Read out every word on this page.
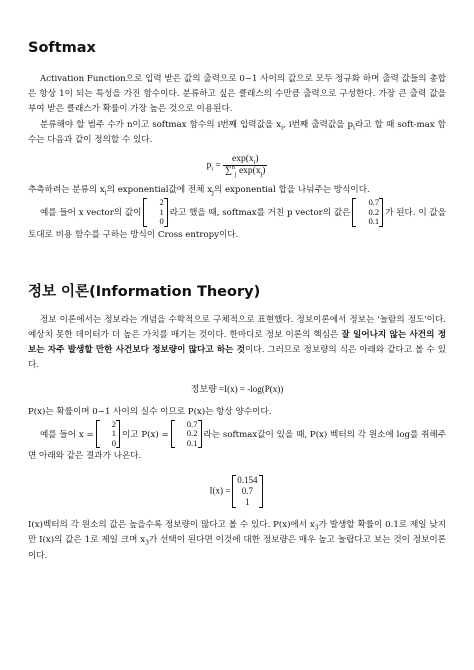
Softmax

Activation Function으로 입력 받은 값의 출력으로 0~1 사이의 값으로 모두 정규화 하며 출력 값들의 총합은 항상 1이 되는 특성을 가진 함수이다. 분류하고 싶은 클래스의 수만큼 출력으로 구성한다. 가장 큰 출력 값을 부여 받은 클래스가 확률이 가장 높은 것으로 이용된다.

분류해야 할 범주 수가 n이고 softmax 함수의 i번째 입력값을 $x_i$, i번째 출력값을 $p_i$라고 할 때 soft-max 함수는 다음과 같이 정의할 수 있다.

$p_i = \frac{\exp(x_i)}{\sum^n_j \exp(x_j)}$

추측하려는 분류의 $x_i$의 exponential값에 전체 $x_j$의 exponential 합을 나눠주는 방식이다.

예를 들어 x vector의 값이
2
1
0
라고 했을 때, softmax를 거친 p vector의 값은
0.7
0.2
0.1
가 된다. 이 값을 토대로 비용 함수를 구하는 방식이 Cross entropy이다.

정보 이론(Information Theory)

정보 이론에서는 정보라는 개념을 수학적으로 구체적으로 표현했다. 정보이론에서 정보는 '놀람의 정도'이다. 예상치 못한 데이터가 더 높은 가치를 매기는 것이다. 한마디로 정보 이론의 핵심은 잘 일어나지 않는 사건의 정보는 자주 발생할 만한 사건보다 정보량이 많다고 하는 것이다. 그러므로 정보량의 식은 아래와 같다고 볼 수 있다.

정보량 =I(x) = -log(P(x))

P(x)는 확률이며 0~1 사이의 실수 이므로 P(x)는 항상 양수이다.

예를 들어 x =
2
1
0
이고 P(x) =
0.7
0.2
0.1
라는 softmax값이 있을 때, P(x) 벡터의 각 원소에 log를 취해주면 아래와 같은 결과가 나온다.

I(x) =
0.154
0.7
1

I(x)벡터의 각 원소의 값은 높을수록 정보량이 많다고 볼 수 있다. P(x)에서 $x_3$가 발생할 확률이 0.1로 제일 낮지만 I(x)의 값은 1로 제일 크며 $x_3$가 선택이 된다면 이것에 대한 정보량은 매우 높고 놀랍다고 보는 것이 정보이론이다.
